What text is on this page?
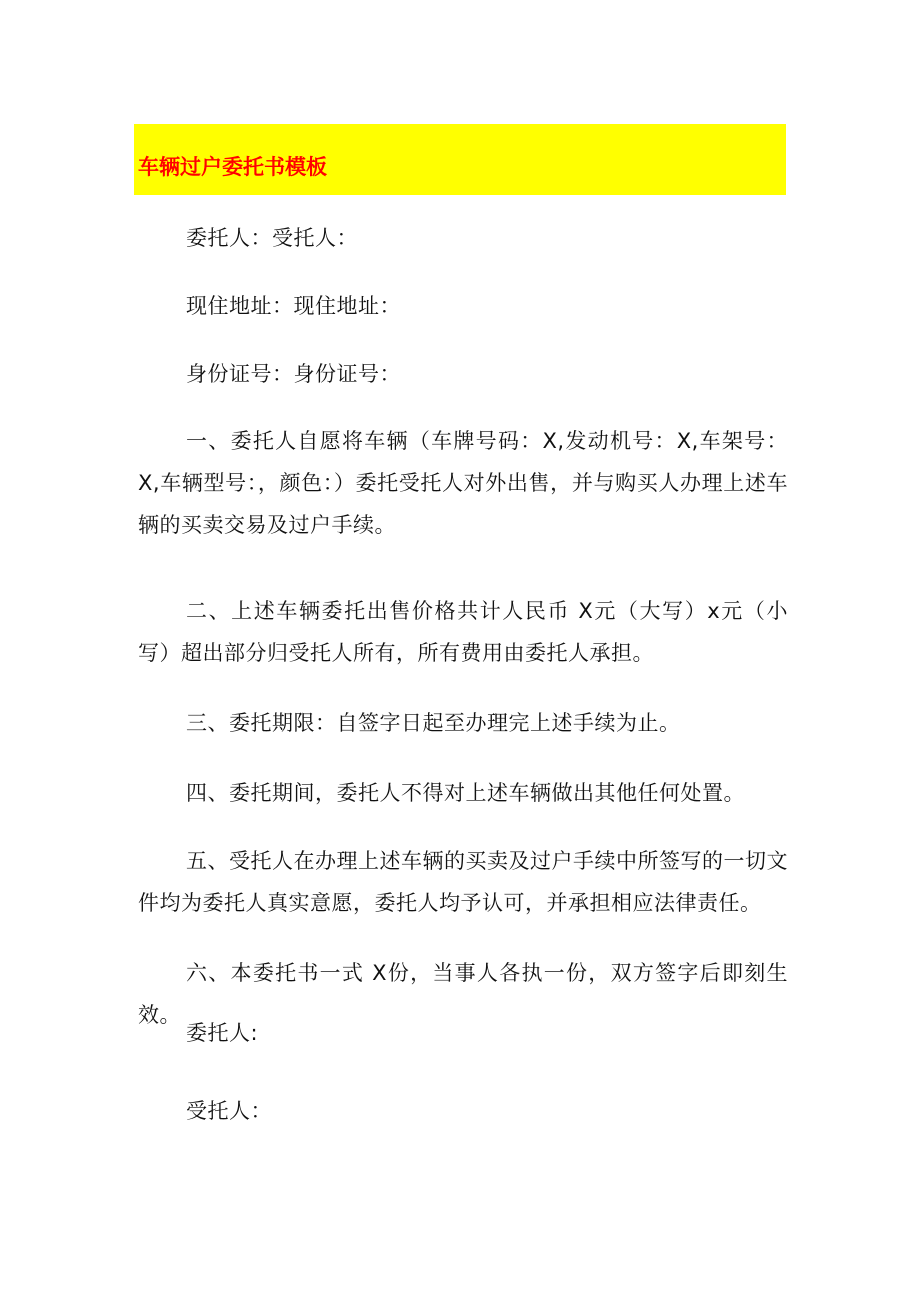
车辆过户委托书模板

委托人：受托人：

现住地址：现住地址：

身份证号：身份证号：

一、委托人自愿将车辆（车牌号码：X,发动机号：X,车架号：X,车辆型号：，颜色：）委托受托人对外出售，并与购买人办理上述车辆的买卖交易及过户手续。

二、上述车辆委托出售价格共计人民币 X元（大写）x元（小写）超出部分归受托人所有，所有费用由委托人承担。

三、委托期限：自签字日起至办理完上述手续为止。

四、委托期间，委托人不得对上述车辆做出其他任何处置。

五、受托人在办理上述车辆的买卖及过户手续中所签写的一切文件均为委托人真实意愿，委托人均予认可，并承担相应法律责任。

六、本委托书一式 X份，当事人各执一份，双方签字后即刻生效。

委托人:

受托人：
